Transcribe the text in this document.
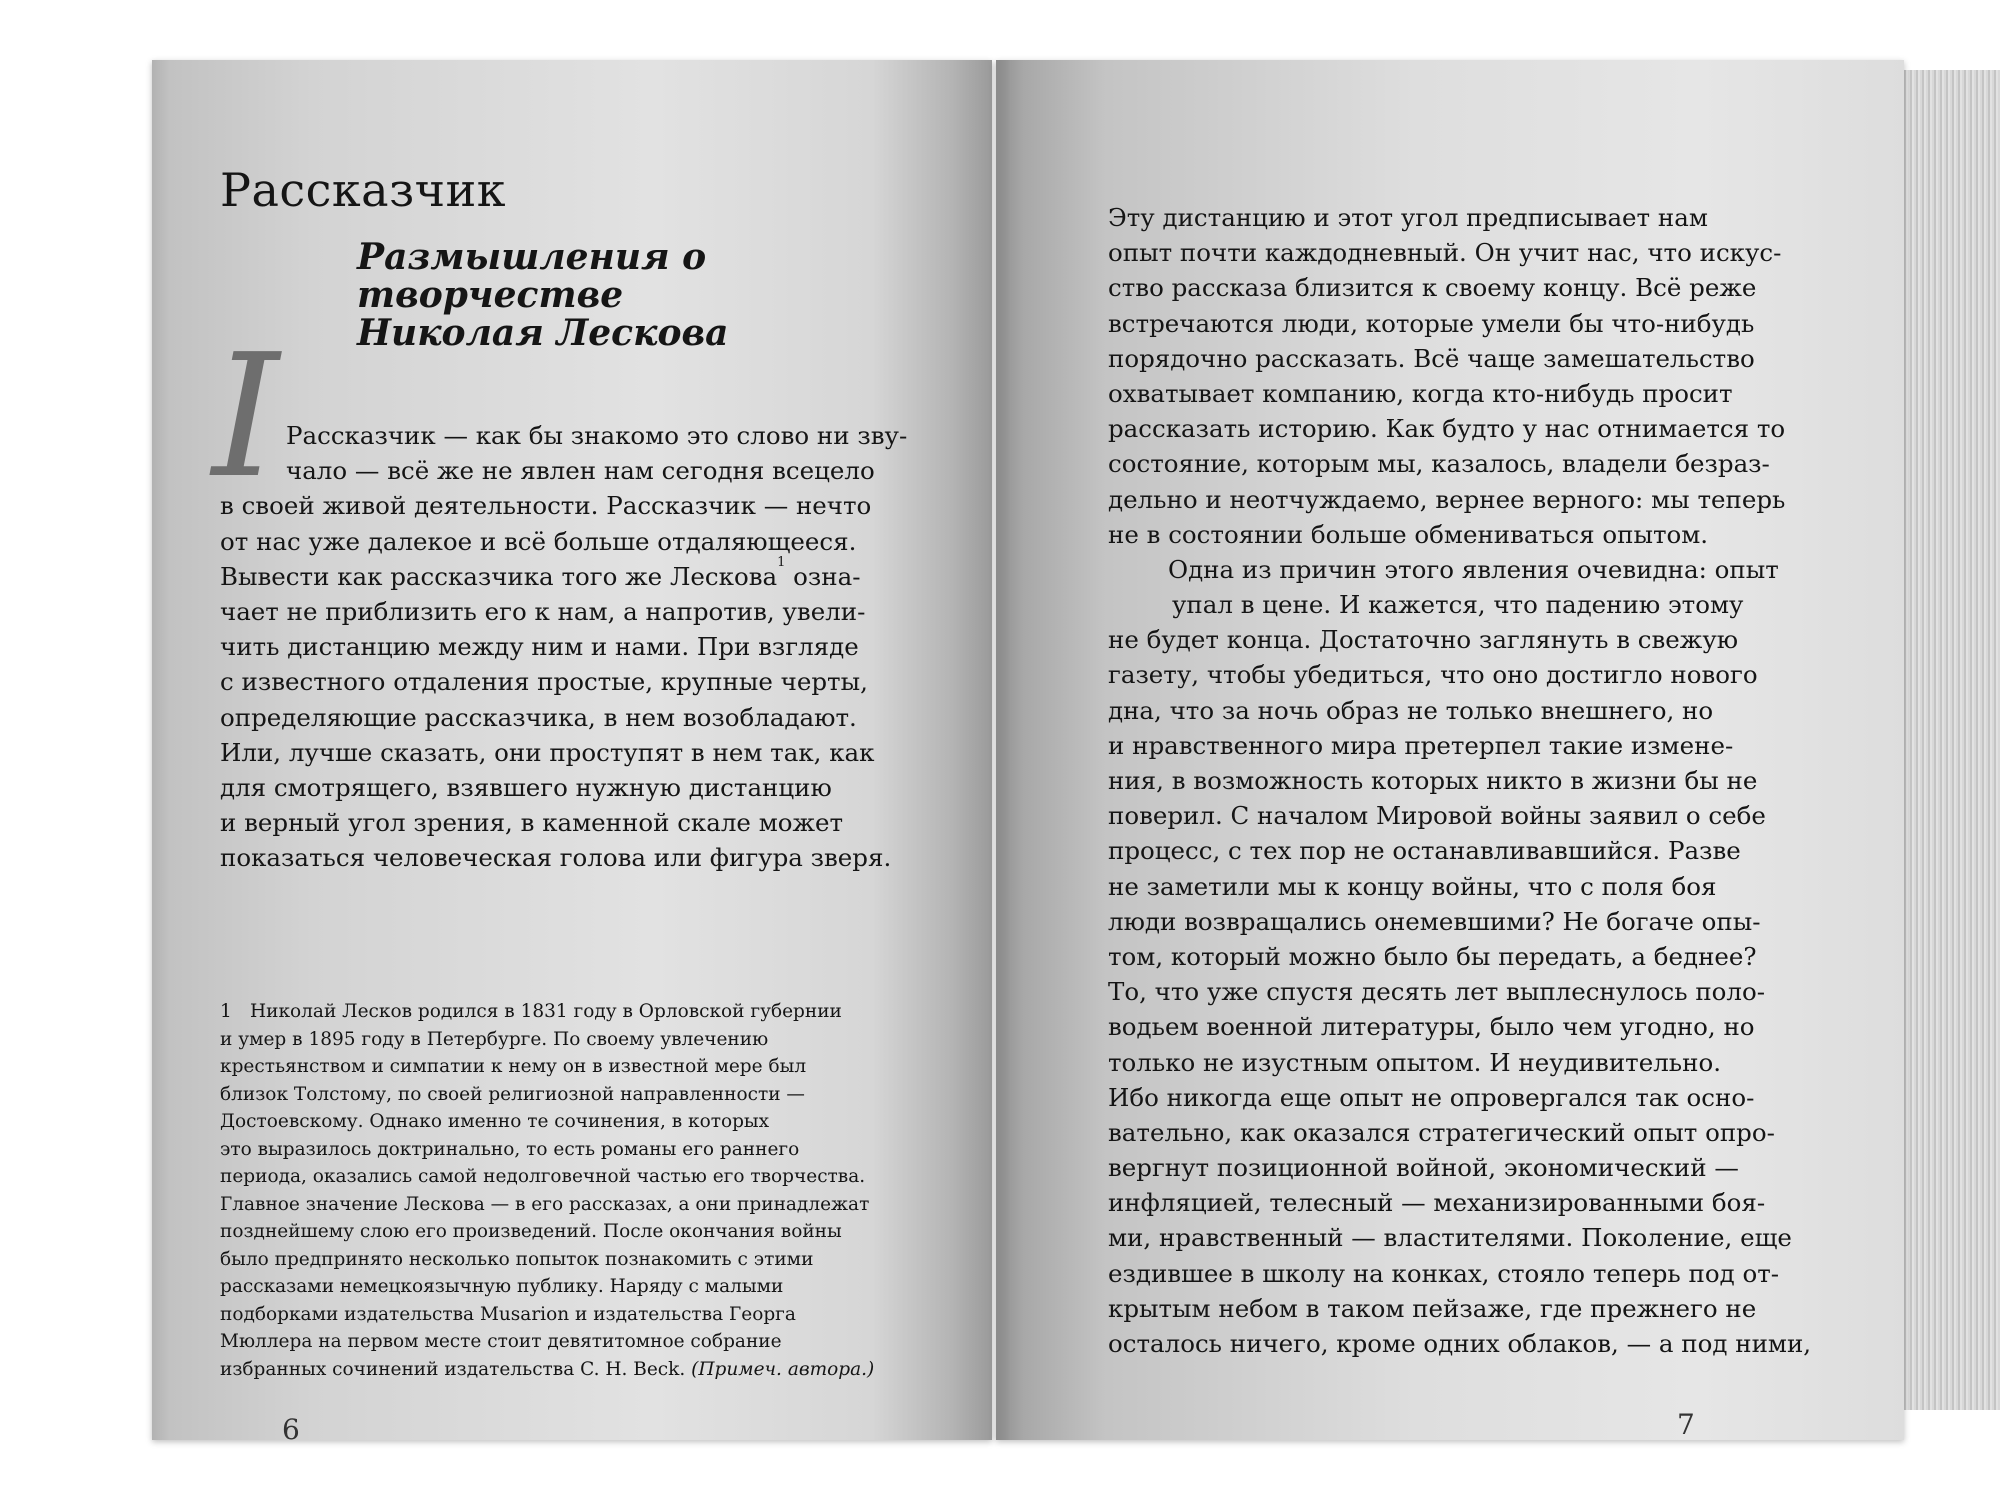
Рассказчик
Размышления о творчестве
Николая Лескова
I Рассказчик — как бы знакомо это слово ни зву-
чало — всё же не явлен нам сегодня всецело
в своей живой деятельности. Рассказчик — нечто
от нас уже далекое и всё больше отдаляющееся.
Вывести как рассказчика того же Лескова$^1$ озна-
чает не приблизить его к нам, а напротив, увели-
чить дистанцию между ним и нами. При взгляде
с известного отдаления простые, крупные черты,
определяющие рассказчика, в нем возобладают.
Или, лучше сказать, они проступят в нем так, как
для смотрящего, взявшего нужную дистанцию
и верный угол зрения, в каменной скале может
показаться человеческая голова или фигура зверя.
1 Николай Лесков родился в 1831 году в Орловской губернии
и умер в 1895 году в Петербурге. По своему увлечению
крестьянством и симпатии к нему он в известной мере был
близок Толстому, по своей религиозной направленности —
Достоевскому. Однако именно те сочинения, в которых
это выразилось доктринально, то есть романы его раннего
периода, оказались самой недолговечной частью его творчества.
Главное значение Лескова — в его рассказах, а они принадлежат
позднейшему слою его произведений. После окончания войны
было предпринято несколько попыток познакомить с этими
рассказами немецкоязычную публику. Наряду с малыми
подборками издательства Musarion и издательства Георга
Мюллера на первом месте стоит девятитомное собрание
избранных сочинений издательства C. H. Beck. (Примеч. автора.)
6
Эту дистанцию и этот угол предписывает нам
опыт почти каждодневный. Он учит нас, что искус-
ство рассказа близится к своему концу. Всё реже
встречаются люди, которые умели бы что-нибудь
порядочно рассказать. Всё чаще замешательство
охватывает компанию, когда кто-нибудь просит
рассказать историю. Как будто у нас отнимается то
состояние, которым мы, казалось, владели безраз-
дельно и неотчуждаемо, вернее верного: мы теперь
не в состоянии больше обмениваться опытом.
Одна из причин этого явления очевидна: опыт
упал в цене. И кажется, что падению этому
не будет конца. Достаточно заглянуть в свежую
газету, чтобы убедиться, что оно достигло нового
дна, что за ночь образ не только внешнего, но
и нравственного мира претерпел такие измене-
ния, в возможность которых никто в жизни бы не
поверил. С началом Мировой войны заявил о себе
процесс, с тех пор не останавливавшийся. Разве
не заметили мы к концу войны, что с поля боя
люди возвращались онемевшими? Не богаче опы-
том, который можно было бы передать, а беднее?
То, что уже спустя десять лет выплеснулось поло-
водьем военной литературы, было чем угодно, но
только не изустным опытом. И неудивительно.
Ибо никогда еще опыт не опровергался так осно-
вательно, как оказался стратегический опыт опро-
вергнут позиционной войной, экономический —
инфляцией, телесный — механизированными боя-
ми, нравственный — властителями. Поколение, еще
ездившее в школу на конках, стояло теперь под от-
крытым небом в таком пейзаже, где прежнего не
осталось ничего, кроме одних облаков, — а под ними,
7
